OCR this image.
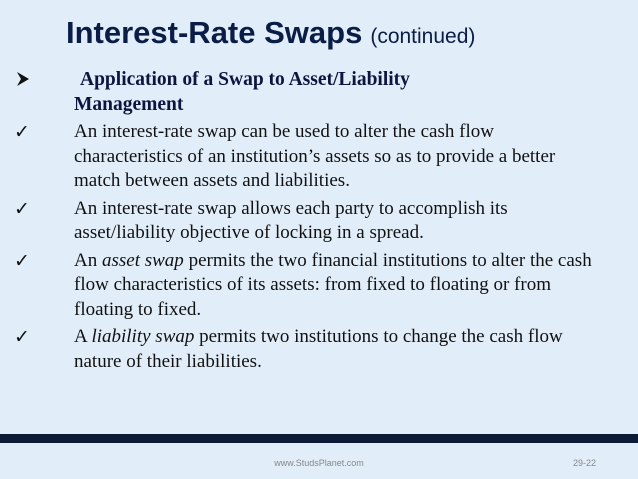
Interest-Rate Swaps (continued)
Application of a Swap to Asset/Liability
Management
✓	An interest-rate swap can be used to alter the cash flow characteristics of an institution’s assets so as to provide a better match between assets and liabilities.
✓	An interest-rate swap allows each party to accomplish its asset/liability objective of locking in a spread.
✓	An asset swap permits the two financial institutions to alter the cash flow characteristics of its assets: from fixed to floating or from floating to fixed.
✓	A liability swap permits two institutions to change the cash flow nature of their liabilities.
www.StudsPlanet.com	29-22
